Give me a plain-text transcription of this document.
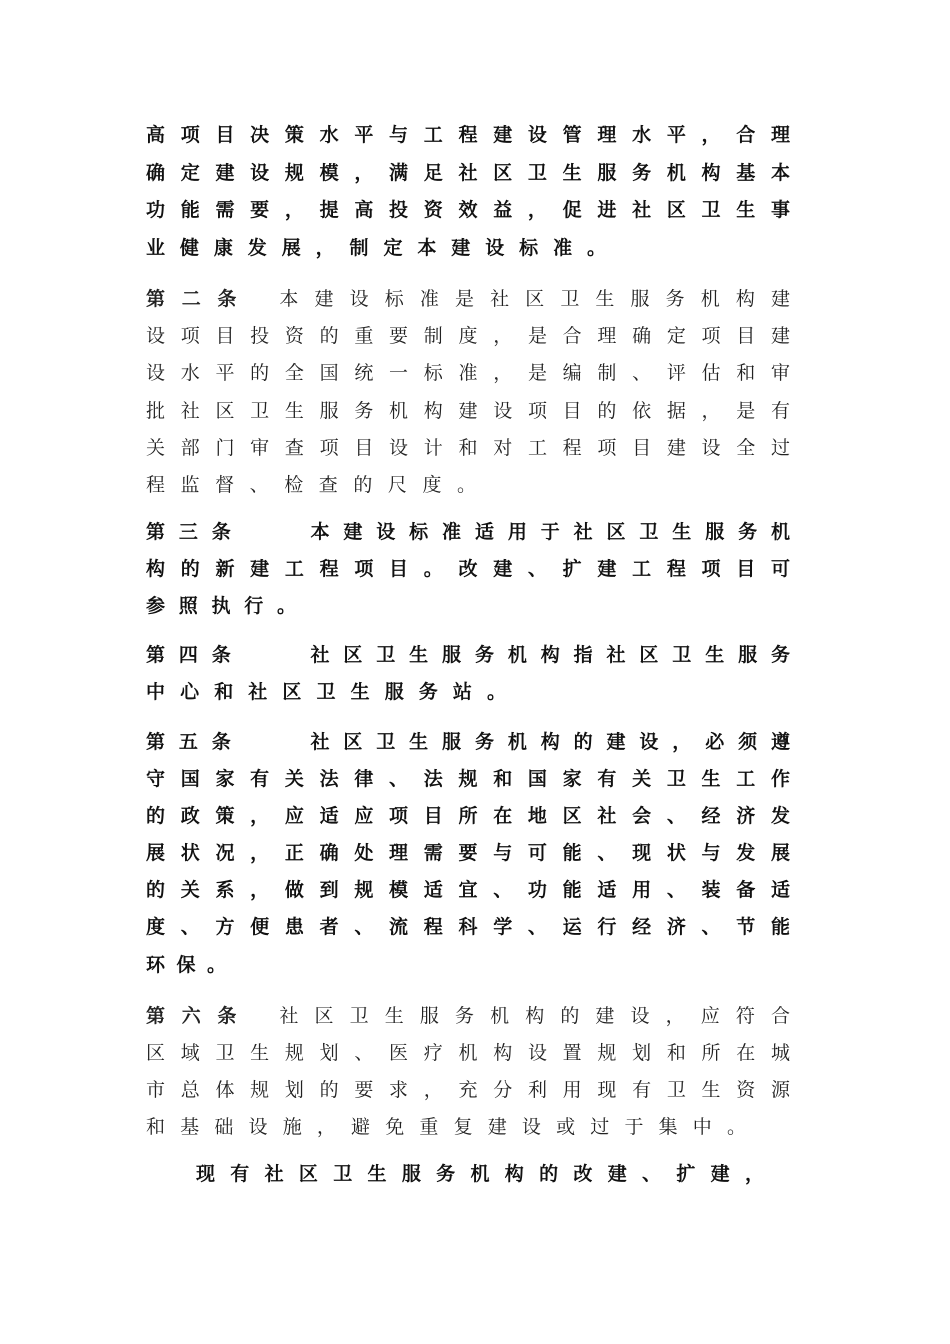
高 项 目 决 策 水 平 与 工 程 建 设 管 理 水 平 ， 合 理
确 定 建 设 规 模 ， 满 足 社 区 卫 生 服 务 机 构 基 本
功 能 需 要 ， 提 高 投 资 效 益 ， 促 进 社 区 卫 生 事
业 健 康 发 展 ， 制 定 本 建 设 标 准 。
第 二 条 本 建 设 标 准 是 社 区 卫 生 服 务 机 构 建
设 项 目 投 资 的 重 要 制 度 ， 是 合 理 确 定 项 目 建
设 水 平 的 全 国 统 一 标 准 ， 是 编 制 、 评 估 和 审
批 社 区 卫 生 服 务 机 构 建 设 项 目 的 依 据 ， 是 有
关 部 门 审 查 项 目 设 计 和 对 工 程 项 目 建 设 全 过
程 监 督 、 检 查 的 尺 度 。
第 三 条 　 　 本 建 设 标 准 适 用 于 社 区 卫 生 服 务 机
构 的 新 建 工 程 项 目 。 改 建 、 扩 建 工 程 项 目 可
参 照 执 行 。
第 四 条 　 　 社 区 卫 生 服 务 机 构 指 社 区 卫 生 服 务
中 心 和 社 区 卫 生 服 务 站 。
第 五 条 　 　 社 区 卫 生 服 务 机 构 的 建 设 ， 必 须 遵
守 国 家 有 关 法 律 、 法 规 和 国 家 有 关 卫 生 工 作
的 政 策 ， 应 适 应 项 目 所 在 地 区 社 会 、 经 济 发
展 状 况 ， 正 确 处 理 需 要 与 可 能 、 现 状 与 发 展
的 关 系 ， 做 到 规 模 适 宜 、 功 能 适 用 、 装 备 适
度 、 方 便 患 者 、 流 程 科 学 、 运 行 经 济 、 节 能
环 保 。
第 六 条 社 区 卫 生 服 务 机 构 的 建 设 ， 应 符 合
区 域 卫 生 规 划 、 医 疗 机 构 设 置 规 划 和 所 在 城
市 总 体 规 划 的 要 求 ， 充 分 利 用 现 有 卫 生 资 源
和 基 础 设 施 ， 避 免 重 复 建 设 或 过 于 集 中 。
现 有 社 区 卫 生 服 务 机 构 的 改 建 、 扩 建 ，
